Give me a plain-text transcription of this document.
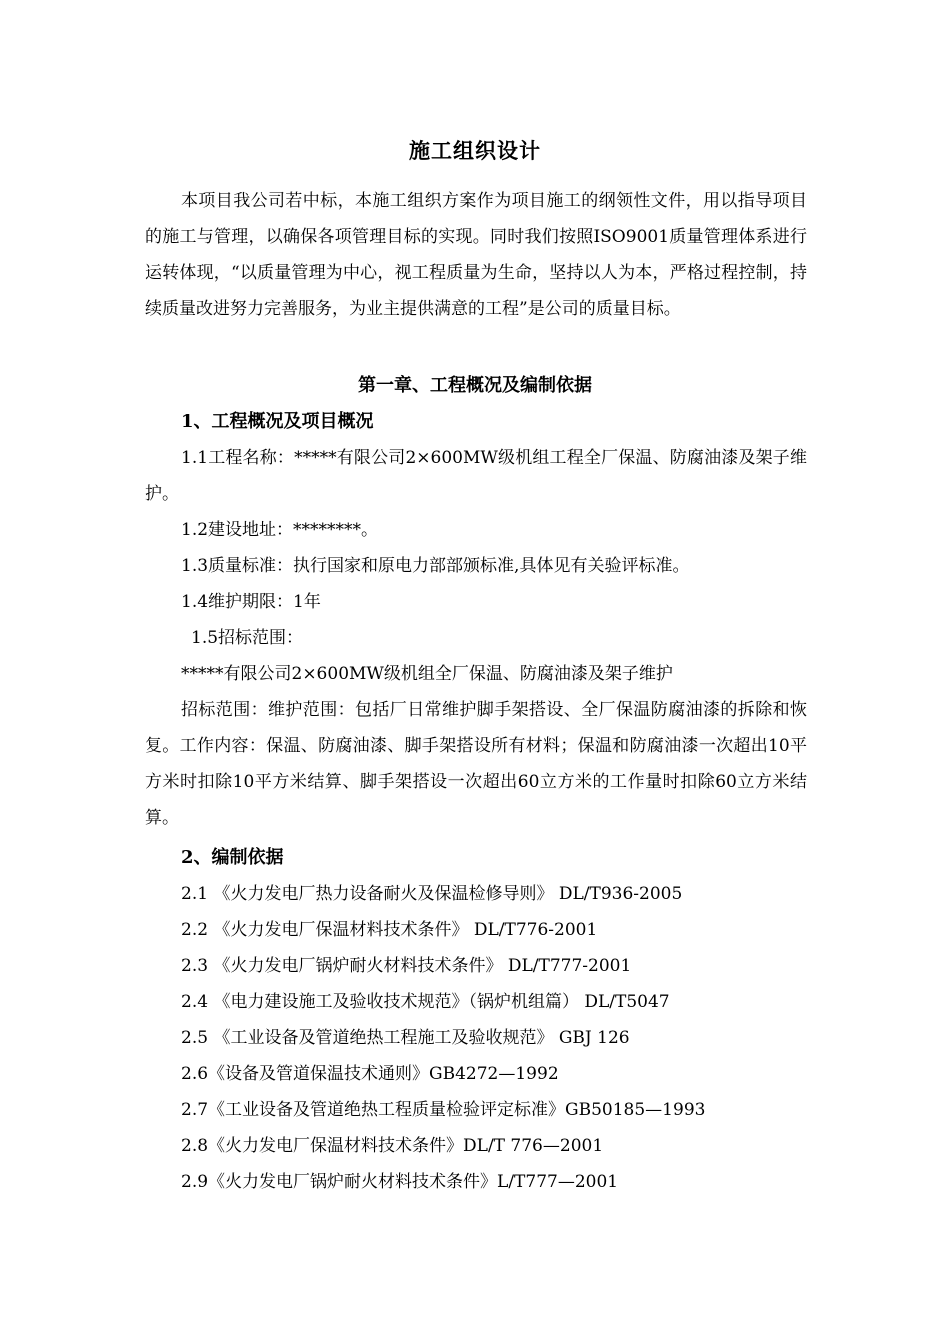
施工组织设计

本项目我公司若中标，本施工组织方案作为项目施工的纲领性文件，用以指导项目的施工与管理，以确保各项管理目标的实现。同时我们按照ISO9001质量管理体系进行运转体现，“以质量管理为中心，视工程质量为生命，坚持以人为本，严格过程控制，持续质量改进努力完善服务，为业主提供满意的工程”是公司的质量目标。

第一章、工程概况及编制依据
1、工程概况及项目概况

1.1工程名称：*****有限公司2×600MW级机组工程全厂保温、防腐油漆及架子维护。

1.2建设地址：********。
1.3质量标准：执行国家和原电力部部颁标准,具体见有关验评标准。
1.4维护期限：1年
1.5招标范围：
*****有限公司2×600MW级机组全厂保温、防腐油漆及架子维护

招标范围：维护范围：包括厂日常维护脚手架搭设、全厂保温防腐油漆的拆除和恢复。工作内容：保温、防腐油漆、脚手架搭设所有材料；保温和防腐油漆一次超出10平方米时扣除10平方米结算、脚手架搭设一次超出60立方米的工作量时扣除60立方米结算。

2、编制依据
2.1 《火力发电厂热力设备耐火及保温检修导则》 DL/T936-2005
2.2 《火力发电厂保温材料技术条件》 DL/T776-2001
2.3 《火力发电厂锅炉耐火材料技术条件》 DL/T777-2001
2.4 《电力建设施工及验收技术规范》（锅炉机组篇） DL/T5047
2.5 《工业设备及管道绝热工程施工及验收规范》 GBJ 126
2.6《设备及管道保温技术通则》GB4272—1992
2.7《工业设备及管道绝热工程质量检验评定标准》GB50185—1993
2.8《火力发电厂保温材料技术条件》DL/T 776—2001
2.9《火力发电厂锅炉耐火材料技术条件》L/T777—2001
